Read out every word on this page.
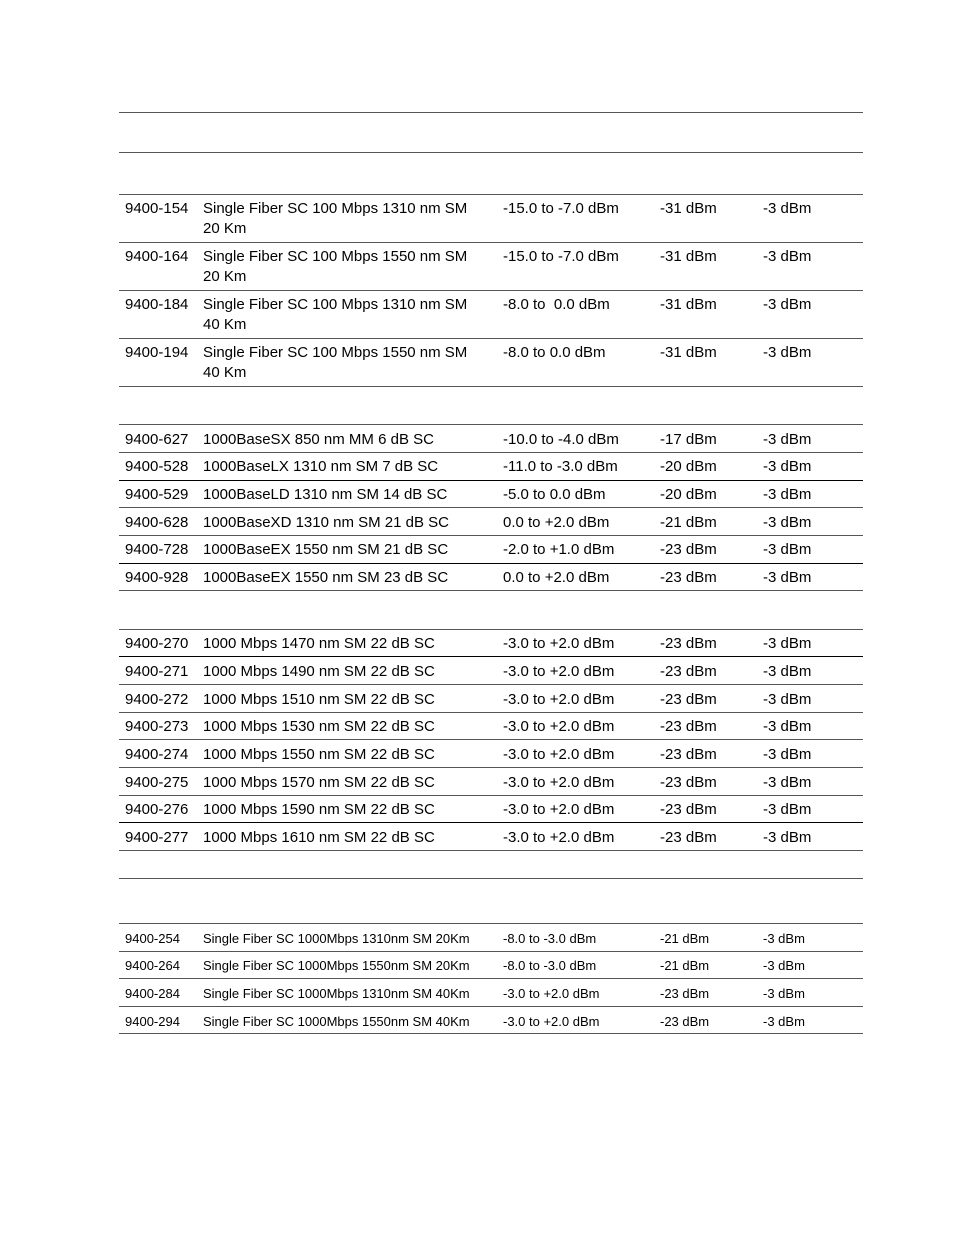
9400-154 Single Fiber SC 100 Mbps 1310 nm SM
20 Km
-15.0 to -7.0 dBm	-31 dBm	-3 dBm
9400-164 Single Fiber SC 100 Mbps 1550 nm SM
20 Km
-15.0 to -7.0 dBm	-31 dBm	-3 dBm
9400-184 Single Fiber SC 100 Mbps 1310 nm SM
40 Km
-8.0 to  0.0 dBm	-31 dBm	-3 dBm
9400-194 Single Fiber SC 100 Mbps 1550 nm SM
40 Km
-8.0 to 0.0 dBm	-31 dBm	-3 dBm
9400-627 1000BaseSX 850 nm MM 6 dB SC	-10.0 to -4.0 dBm	-17 dBm	-3 dBm
9400-528 1000BaseLX 1310 nm SM 7 dB SC	-11.0 to -3.0 dBm	-20 dBm	-3 dBm
9400-529 1000BaseLD 1310 nm SM 14 dB SC	-5.0 to 0.0 dBm	-20 dBm	-3 dBm
9400-628 1000BaseXD 1310 nm SM 21 dB SC	0.0 to +2.0 dBm	-21 dBm	-3 dBm
9400-728 1000BaseEX 1550 nm SM 21 dB SC	-2.0 to +1.0 dBm	-23 dBm	-3 dBm
9400-928 1000BaseEX 1550 nm SM 23 dB SC	0.0 to +2.0 dBm	-23 dBm	-3 dBm
9400-270 1000 Mbps 1470 nm SM 22 dB SC	-3.0 to +2.0 dBm	-23 dBm	-3 dBm
9400-271 1000 Mbps 1490 nm SM 22 dB SC	-3.0 to +2.0 dBm	-23 dBm	-3 dBm
9400-272 1000 Mbps 1510 nm SM 22 dB SC	-3.0 to +2.0 dBm	-23 dBm	-3 dBm
9400-273 1000 Mbps 1530 nm SM 22 dB SC	-3.0 to +2.0 dBm	-23 dBm	-3 dBm
9400-274 1000 Mbps 1550 nm SM 22 dB SC	-3.0 to +2.0 dBm	-23 dBm	-3 dBm
9400-275 1000 Mbps 1570 nm SM 22 dB SC	-3.0 to +2.0 dBm	-23 dBm	-3 dBm
9400-276 1000 Mbps 1590 nm SM 22 dB SC	-3.0 to +2.0 dBm	-23 dBm	-3 dBm
9400-277 1000 Mbps 1610 nm SM 22 dB SC	-3.0 to +2.0 dBm	-23 dBm	-3 dBm
9400-254 Single Fiber SC 1000Mbps 1310nm SM 20Km	-8.0 to -3.0 dBm	-21 dBm	-3 dBm
9400-264 Single Fiber SC 1000Mbps 1550nm SM 20Km	-8.0 to -3.0 dBm	-21 dBm	-3 dBm
9400-284 Single Fiber SC 1000Mbps 1310nm SM 40Km	-3.0 to +2.0 dBm	-23 dBm	-3 dBm
9400-294 Single Fiber SC 1000Mbps 1550nm SM 40Km	-3.0 to +2.0 dBm	-23 dBm	-3 dBm
